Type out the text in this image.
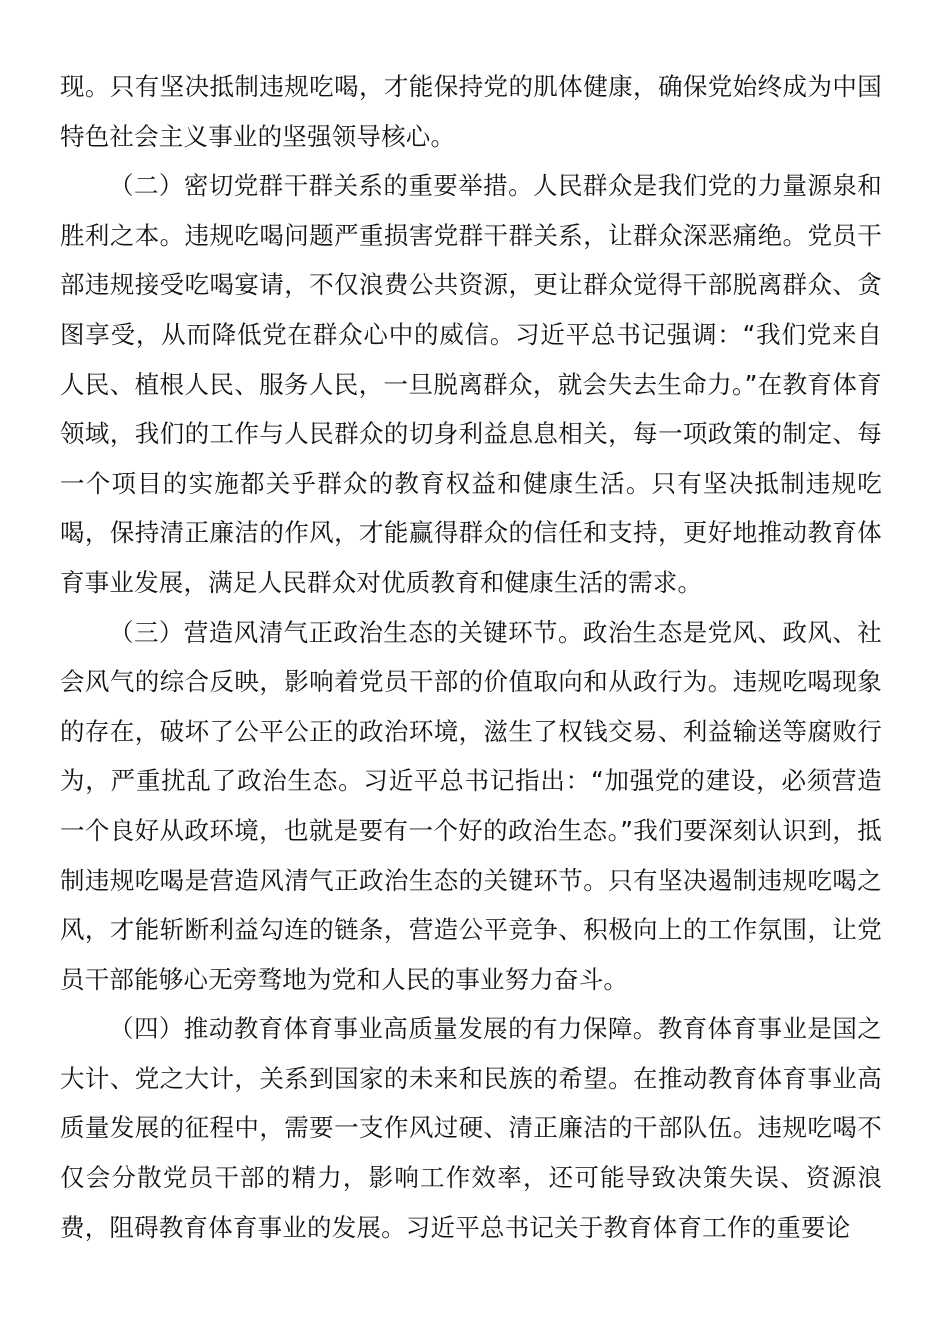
现。只有坚决抵制违规吃喝，才能保持党的肌体健康，确保党始终成为中国特色社会主义事业的坚强领导核心。

（二）密切党群干群关系的重要举措。人民群众是我们党的力量源泉和胜利之本。违规吃喝问题严重损害党群干群关系，让群众深恶痛绝。党员干部违规接受吃喝宴请，不仅浪费公共资源，更让群众觉得干部脱离群众、贪图享受，从而降低党在群众心中的威信。习近平总书记强调：“我们党来自人民、植根人民、服务人民，一旦脱离群众，就会失去生命力。”在教育体育领域，我们的工作与人民群众的切身利益息息相关，每一项政策的制定、每一个项目的实施都关乎群众的教育权益和健康生活。只有坚决抵制违规吃喝，保持清正廉洁的作风，才能赢得群众的信任和支持，更好地推动教育体育事业发展，满足人民群众对优质教育和健康生活的需求。

（三）营造风清气正政治生态的关键环节。政治生态是党风、政风、社会风气的综合反映，影响着党员干部的价值取向和从政行为。违规吃喝现象的存在，破坏了公平公正的政治环境，滋生了权钱交易、利益输送等腐败行为，严重扰乱了政治生态。习近平总书记指出：“加强党的建设，必须营造一个良好从政环境，也就是要有一个好的政治生态。”我们要深刻认识到，抵制违规吃喝是营造风清气正政治生态的关键环节。只有坚决遏制违规吃喝之风，才能斩断利益勾连的链条，营造公平竞争、积极向上的工作氛围，让党员干部能够心无旁骛地为党和人民的事业努力奋斗。

（四）推动教育体育事业高质量发展的有力保障。教育体育事业是国之大计、党之大计，关系到国家的未来和民族的希望。在推动教育体育事业高质量发展的征程中，需要一支作风过硬、清正廉洁的干部队伍。违规吃喝不仅会分散党员干部的精力，影响工作效率，还可能导致决策失误、资源浪费，阻碍教育体育事业的发展。习近平总书记关于教育体育工作的重要论
